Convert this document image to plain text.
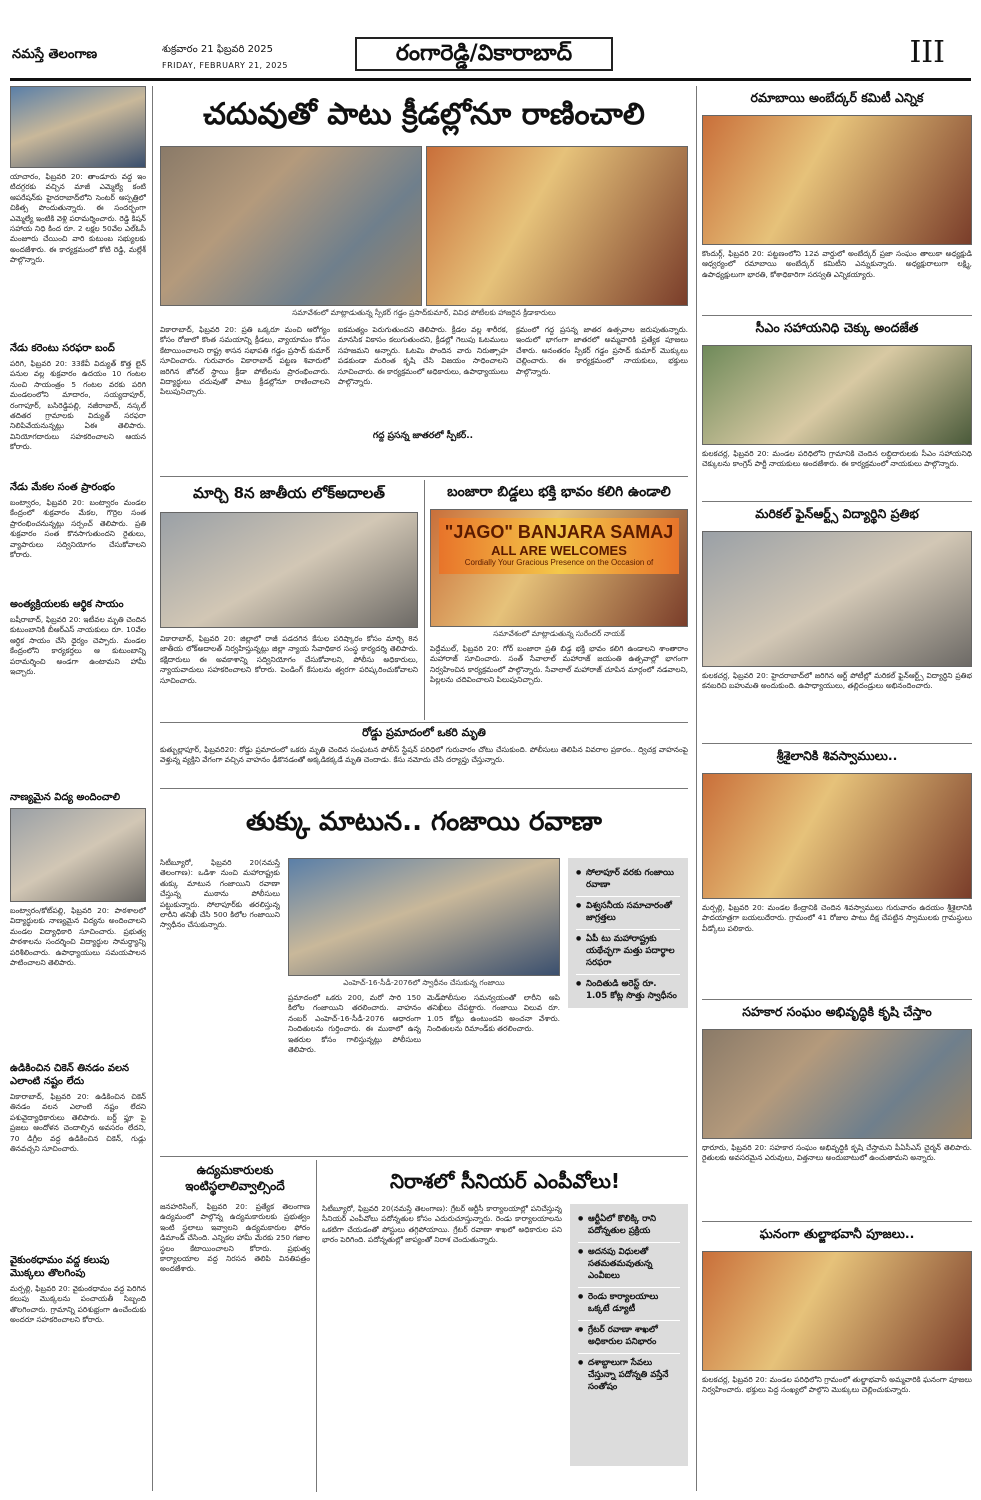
నమస్తే తెలంగాణ	శుక్రవారం 21 ఫిబ్రవరి 2025
FRIDAY, FEBRUARY 21, 2025	రంగారెడ్డి/వికారాబాద్	III

యాచారం, ఫిబ్రవరి 20: తాండూరు వద్ద ఇం టిదగ్గరకు వచ్చిన మాజీ ఎమ్మెల్యే కంటి ఆపరేషన్‌కు హైదరాబాద్‌లోని సెంటర్ ఆస్పత్రిలో చికిత్స పొందుతున్నారు. ఈ సందర్భంగా ఎమ్మెల్యే ఇంటికి వెళ్లి పరామర్శించారు. రెడ్డి కిషన్ సహాయ నిధి కింద రూ. 2 లక్షల 50వేల ఎల్‌ఓసీ మంజూరు చేయించి వారి కుటుంబ సభ్యులకు అందజేశారు. ఈ కార్యక్రమంలో కోటి రెడ్డి, మల్లేశ్ పాల్గొన్నారు.

నేడు కరెంటు సరఫరా బంద్

పరిగి, ఫిబ్రవరి 20: 33కేవీ విద్యుత్ కొత్త లైన్ పనుల వల్ల శుక్రవారం ఉదయం 10 గంటల నుంచి సాయంత్రం 5 గంటల వరకు పరిగి మండలంలోని మాదారం, సయ్యదాపూర్, రంగాపూర్, బసిరెడ్డిపల్లి, నజీరాబాద్, నస్కల్ తదితర గ్రామాలకు విద్యుత్ సరఫరా నిలిపివేయనున్నట్లు ఏఈ తెలిపారు. వినియోగదారులు సహకరించాలని ఆయన కోరారు.

నేడు మేకల సంత ప్రారంభం

బంట్వారం, ఫిబ్రవరి 20: బంట్వారం మండల కేంద్రంలో శుక్రవారం మేకల, గొర్రెల సంత ప్రారంభించనున్నట్లు సర్పంచ్ తెలిపారు. ప్రతి శుక్రవారం సంత కొనసాగుతుందని రైతులు, వ్యాపారులు సద్వినియోగం చేసుకోవాలని కోరారు.

అంత్యక్రియలకు ఆర్థిక సాయం

బషీరాబాద్, ఫిబ్రవరి 20: ఇటీవల మృతి చెందిన కుటుంబానికి బీఆర్‌ఎస్ నాయకులు రూ. 10వేల ఆర్థిక సాయం చేసి ధైర్యం చెప్పారు. మండల కేంద్రంలోని కార్యకర్తలు ఆ కుటుంబాన్ని పరామర్శించి అండగా ఉంటామని హామీ ఇచ్చారు.

నాణ్యమైన విద్య అందించాలి

బంట్వారం/కోట్‌పల్లి, ఫిబ్రవరి 20: పాఠశాలలో విద్యార్థులకు నాణ్యమైన విద్యను అందించాలని మండల విద్యాధికారి సూచించారు. ప్రభుత్వ పాఠశాలను సందర్శించి విద్యార్థుల సామర్థ్యాన్ని పరిశీలించారు. ఉపాధ్యాయులు సమయపాలన పాటించాలని తెలిపారు.

ఉడికించిన చికెన్ తినడం వలన ఎలాంటి నష్టం లేదు

వికారాబాద్, ఫిబ్రవరి 20: ఉడికించిన చికెన్ తినడం వలన ఎలాంటి నష్టం లేదని పశువైద్యాధికారులు తెలిపారు. బర్డ్ ఫ్లూ పై ప్రజలు ఆందోళన చెందాల్సిన అవసరం లేదని, 70 డిగ్రీల వద్ద ఉడికించిన చికెన్, గుడ్లు తినవచ్చని సూచించారు.

వైకుంఠధామం వద్ద కలుపు మొక్కలు తొలగింపు

మర్పల్లి, ఫిబ్రవరి 20: వైకుంఠధామం వద్ద పెరిగిన కలుపు మొక్కలను పంచాయతీ సిబ్బంది తొలగించారు. గ్రామాన్ని పరిశుభ్రంగా ఉంచేందుకు అందరూ సహకరించాలని కోరారు.

చదువుతో పాటు క్రీడల్లోనూ రాణించాలి
సమావేశంలో మాట్లాడుతున్న స్పీకర్ గడ్డం ప్రసాద్‌కుమార్, వివిధ పోటీలకు హాజరైన క్రీడాకారులు

వికారాబాద్, ఫిబ్రవరి 20: ప్రతి ఒక్కరూ మంచి ఆరోగ్యం కోసం రోజులో కొంత సమయాన్ని క్రీడలు, వ్యాయామం కోసం కేటాయించాలని రాష్ట్ర శాసన సభాపతి గడ్డం ప్రసాద్ కుమార్ సూచించారు. గురువారం వికారాబాద్ పట్టణ శివారులో జరిగిన జోనల్ స్థాయి క్రీడా పోటీలను ప్రారంభించారు. విద్యార్థులు చదువుతో పాటు క్రీడల్లోనూ రాణించాలని పిలుపునిచ్చారు.

ఐకమత్యం పెరుగుతుందని తెలిపారు. క్రీడల వల్ల శారీరక, మానసిక వికాసం కలుగుతుందని, క్రీడల్లో గెలుపు ఓటములు సహజమని అన్నారు. ఓటమి పొందిన వారు నిరుత్సాహ పడకుండా మరింత కృషి చేసి విజయం సాధించాలని సూచించారు. ఈ కార్యక్రమంలో అధికారులు, ఉపాధ్యాయులు పాల్గొన్నారు.

గద్ద ప్రసన్న జాతరలో స్పీకర్..

క్రమంలో గద్ద ప్రసన్న జాతర ఉత్సవాల జరుపుతున్నారు. ఇందులో భాగంగా జాతరలో అమ్మవారికి ప్రత్యేక పూజలు చేశారు. అనంతరం స్పీకర్ గడ్డం ప్రసాద్ కుమార్ మొక్కులు చెల్లించారు. ఈ కార్యక్రమంలో నాయకులు, భక్తులు పాల్గొన్నారు.

మార్చి 8న జాతీయ లోక్‌అదాలత్

వికారాబాద్, ఫిబ్రవరి 20: జిల్లాలో రాజీ పడదగిన కేసుల పరిష్కారం కోసం మార్చి 8న జాతీయ లోక్‌అదాలత్ నిర్వహిస్తున్నట్లు జిల్లా న్యాయ సేవాధికార సంస్థ కార్యదర్శి తెలిపారు. కక్షిదారులు ఈ అవకాశాన్ని సద్వినియోగం చేసుకోవాలని, పోలీసు అధికారులు, న్యాయవాదులు సహకరించాలని కోరారు. పెండింగ్ కేసులను త్వరగా పరిష్కరించుకోవాలని సూచించారు.

బంజారా బిడ్డలు భక్తి భావం కలిగి ఉండాలి
"JAGO" BANJARA SAMAJ
ALL ARE WELCOMES
Cordially Your Gracious Presence on the Occasion of
సమావేశంలో మాట్లాడుతున్న సురేందర్ నాయక్

పెద్దేముల్, ఫిబ్రవరి 20: గోర్ బంజారా ప్రతి బిడ్డ భక్తి భావం కలిగి ఉండాలని శాంతారాం మహారాజ్ సూచించారు. సంత్ సేవాలాల్ మహారాజ్ జయంతి ఉత్సవాల్లో భాగంగా నిర్వహించిన కార్యక్రమంలో పాల్గొన్నారు. సేవాలాల్ మహారాజ్ చూపిన మార్గంలో నడవాలని, పిల్లలను చదివించాలని పిలుపునిచ్చారు.

రోడ్డు ప్రమాదంలో ఒకరి మృతి

కుత్బుల్లాపూర్, ఫిబ్రవరి20: రోడ్డు ప్రమాదంలో ఒకరు మృతి చెందిన సంఘటన పోలీస్ స్టేషన్ పరిధిలో గురువారం చోటు చేసుకుంది. పోలీసులు తెలిపిన వివరాల ప్రకారం.. ద్విచక్ర వాహనంపై వెళ్తున్న వ్యక్తిని వేగంగా వచ్చిన వాహనం ఢీకొనడంతో అక్కడికక్కడే మృతి చెందాడు. కేసు నమోదు చేసి దర్యాప్తు చేస్తున్నారు.

తుక్కు మాటున.. గంజాయి రవాణా

సిటీబ్యూరో, ఫిబ్రవరి 20(నమస్తే తెలంగాణ): ఒడిశా నుంచి మహారాష్ట్రకు తుక్కు మాటున గంజాయిని రవాణా చేస్తున్న ముఠాను పోలీసులు పట్టుకున్నారు. సోలాపూర్‌కు తరలిస్తున్న లారీని తనిఖీ చేసి 500 కిలోల గంజాయిని స్వాధీనం చేసుకున్నారు.

ఎంహెచ్-16-సీడీ-2076లో స్వాధీనం చేసుకున్న గంజాయి

ప్రమాదంలో ఒకరు 200, మరో సారి 150 కిలోల గంజాయిని తరలించారు. వాహనం నంబర్ ఎంహెచ్-16-సీడీ-2076 ఆధారంగా నిందితులను గుర్తించారు. ఈ ముఠాలో ఉన్న ఇతరుల కోసం గాలిస్తున్నట్లు పోలీసులు తెలిపారు.

మెడ్‌పోలీసుల సమన్వయంతో లారీని ఆపి తనిఖీలు చేపట్టారు. గంజాయి విలువ రూ. 1.05 కోట్లు ఉంటుందని అంచనా వేశారు. నిందితులను రిమాండ్‌కు తరలించారు.

● సోలాపూర్ వరకు గంజాయి రవాణా
● విశ్వసనీయ సమాచారంతో జాగ్రత్తలు
● ఏపీ టు మహారాష్ట్రకు యథేచ్ఛగా మత్తు పదార్థాల సరఫరా
● నిందితుడి అరెస్ట్ రూ. 1.05 కోట్ల సొత్తు స్వాధీనం
ఉద్యమకారులకు ఇంటిస్థలాలివ్వాల్సిందే

జనహరిసింగ్, ఫిబ్రవరి 20: ప్రత్యేక తెలంగాణ ఉద్యమంలో పాల్గొన్న ఉద్యమకారులకు ప్రభుత్వం ఇంటి స్థలాలు ఇవ్వాలని ఉద్యమకారుల ఫోరం డిమాండ్ చేసింది. ఎన్నికల హామీ మేరకు 250 గజాల స్థలం కేటాయించాలని కోరారు. ప్రభుత్వ కార్యాలయాల వద్ద నిరసన తెలిపి వినతిపత్రం అందజేశారు.

నిరాశలో సీనియర్ ఎంపీవోలు!

సిటీబ్యూరో, ఫిబ్రవరి 20(నమస్తే తెలంగాణ): గ్రేటర్ ఆర్టీసీ కార్యాలయాల్లో పనిచేస్తున్న సీనియర్ ఎంపీవోలు పదోన్నతుల కోసం ఎదురుచూస్తున్నారు. రెండు కార్యాలయాలను ఒకటిగా చేయడంతో పోస్టులు తగ్గిపోయాయి. గ్రేటర్ రవాణా శాఖలో అధికారుల పని భారం పెరిగింది. పదోన్నతుల్లో జాప్యంతో నిరాశ చెందుతున్నారు.

● ఆర్టీఏలో కొలిక్కి రాని పదోన్నతుల ప్రక్రియ
● అదనపు విధులతో సతమతమవుతున్న ఎంవీఐలు
● రెండు కార్యాలయాలు ఒక్కటే డ్యూటీ
● గ్రేటర్ రవాణా శాఖలో అధికారుల పనిభారం
● దశాబ్దాలుగా సేవలు చేస్తున్నా పదోన్నతి వస్తేనే సంతోషం
రమాబాయి అంబేద్కర్ కమిటీ ఎన్నిక

కొందుర్గ్, ఫిబ్రవరి 20: పట్టణంలోని 12వ వార్డులో అంబేద్కర్ ప్రజా సంఘం తాలుకా అధ్యక్షుడి ఆధ్వర్యంలో రమాబాయి అంబేద్కర్ కమిటీని ఎన్నుకున్నారు. అధ్యక్షురాలుగా లక్ష్మి, ఉపాధ్యక్షులుగా భారతి, కోశాధికారిగా సరస్వతి ఎన్నికయ్యారు.

సీఎం సహాయనిధి చెక్కు అందజేత

కులకచర్ల, ఫిబ్రవరి 20: మండల పరిధిలోని గ్రామానికి చెందిన లబ్ధిదారులకు సీఎం సహాయనిధి చెక్కులను కాంగ్రెస్ పార్టీ నాయకులు అందజేశారు. ఈ కార్యక్రమంలో నాయకులు పాల్గొన్నారు.

మరికల్ ఫైన్‌ఆర్ట్స్ విద్యార్థిని ప్రతిభ

కులకచర్ల, ఫిబ్రవరి 20: హైదరాబాద్‌లో జరిగిన ఆర్ట్ పోటీల్లో మరికల్ ఫైన్‌ఆర్ట్స్ విద్యార్థిని ప్రతిభ కనబరిచి బహుమతి అందుకుంది. ఉపాధ్యాయులు, తల్లిదండ్రులు అభినందించారు.

శ్రీశైలానికి శివస్వాములు..

మర్పల్లి, ఫిబ్రవరి 20: మండల కేంద్రానికి చెందిన శివస్వాములు గురువారం ఉదయం శ్రీశైలానికి పాదయాత్రగా బయలుదేరారు. గ్రామంలో 41 రోజుల పాటు దీక్ష చేపట్టిన స్వాములకు గ్రామస్థులు వీడ్కోలు పలికారు.

సహకార సంఘం అభివృద్ధికి కృషి చేస్తాం

ధారూరు, ఫిబ్రవరి 20: సహకార సంఘం అభివృద్ధికి కృషి చేస్తామని పీఏసీఎస్ చైర్మన్ తెలిపారు. రైతులకు అవసరమైన ఎరువులు, విత్తనాలు అందుబాటులో ఉంచుతామని అన్నారు.

ఘనంగా తుల్జాభవానీ పూజలు..

కులకచర్ల, ఫిబ్రవరి 20: మండల పరిధిలోని గ్రామంలో తుల్జాభవానీ అమ్మవారికి ఘనంగా పూజలు నిర్వహించారు. భక్తులు పెద్ద సంఖ్యలో పాల్గొని మొక్కులు చెల్లించుకున్నారు.
